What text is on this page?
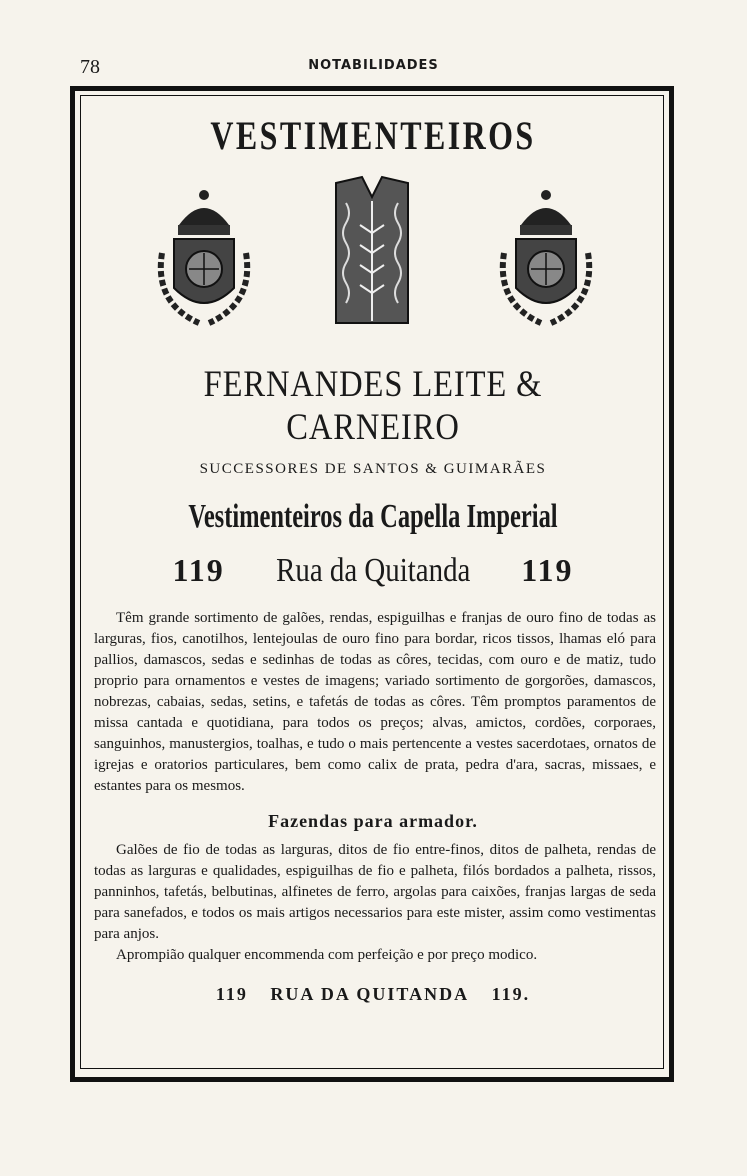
78	NOTABILIDADES
VESTIMENTEIROS
FERNANDES LEITE & CARNEIRO
SUCCESSORES DE SANTOS & GUIMARÃES
Vestimenteiros da Capella Imperial
119 Rua da Quitanda 119

Têm grande sortimento de galões, rendas, espiguilhas e franjas de ouro fino de todas as larguras, fios, canotilhos, lentejoulas de ouro fino para bordar, ricos tissos, lhamas eló para pallios, damascos, sedas e sedinhas de todas as côres, tecidas, com ouro e de matiz, tudo proprio para ornamentos e vestes de imagens; variado sortimento de gorgorões, damascos, nobrezas, cabaias, sedas, setins, e tafetás de todas as côres. Têm promptos paramentos de missa cantada e quotidiana, para todos os preços; alvas, amictos, cordões, corporaes, sanguinhos, manustergios, toalhas, e tudo o mais pertencente a vestes sacerdotaes, ornatos de igrejas e oratorios particulares, bem como calix de prata, pedra d'ara, sacras, missaes, e estantes para os mesmos.

Fazendas para armador.

Galões de fio de todas as larguras, ditos de fio entre-finos, ditos de palheta, rendas de todas as larguras e qualidades, espiguilhas de fio e palheta, filós bordados a palheta, rissos, panninhos, tafetás, belbutinas, alfinetes de ferro, argolas para caixões, franjas largas de seda para sanefados, e todos os mais artigos necessarios para este mister, assim como vestimentas para anjos.

Aprompião qualquer encommenda com perfeição e por preço modico.

119 RUA DA QUITANDA 119.
